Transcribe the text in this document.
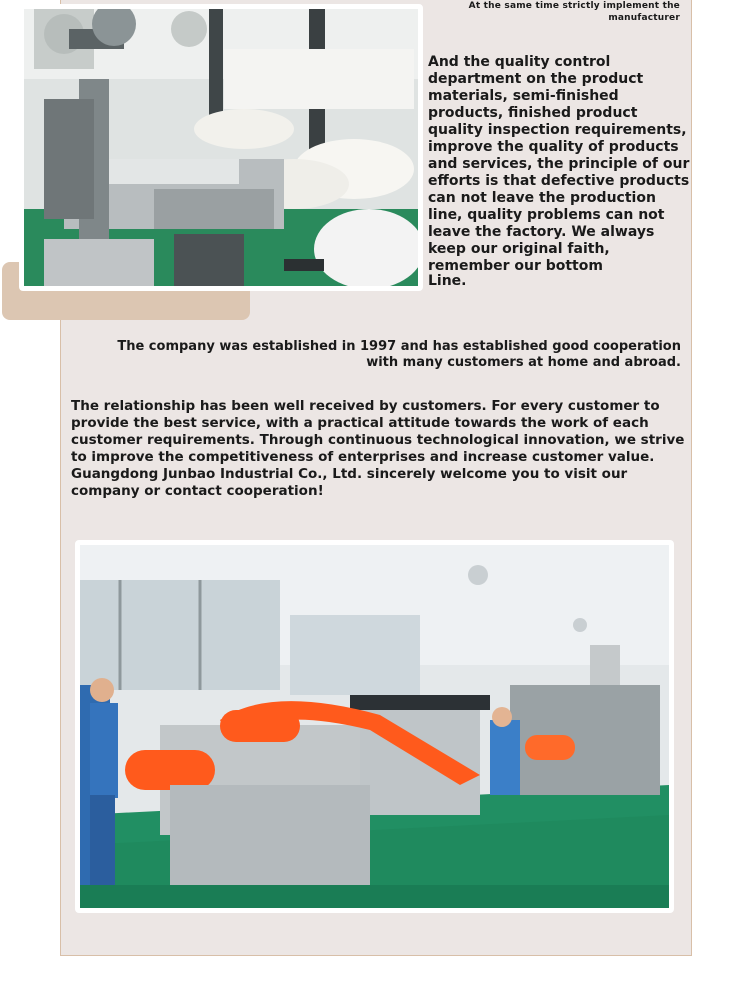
At the same time strictly implement the manufacturer
And the quality control department on the product materials, semi-finished products, finished product quality inspection requirements, improve the quality of products and services, the principle of our efforts is that defective products can not leave the production line, quality problems can not leave the factory. We always keep our original faith, remember our bottom
Line.
The company was established in 1997 and has established good cooperation with many customers at home and abroad.
The relationship has been well received by customers. For every customer to provide the best service, with a practical attitude towards the work of each customer requirements. Through continuous technological innovation, we strive to improve the competitiveness of enterprises and increase customer value. Guangdong Junbao Industrial Co., Ltd. sincerely welcome you to visit our company or contact cooperation!
